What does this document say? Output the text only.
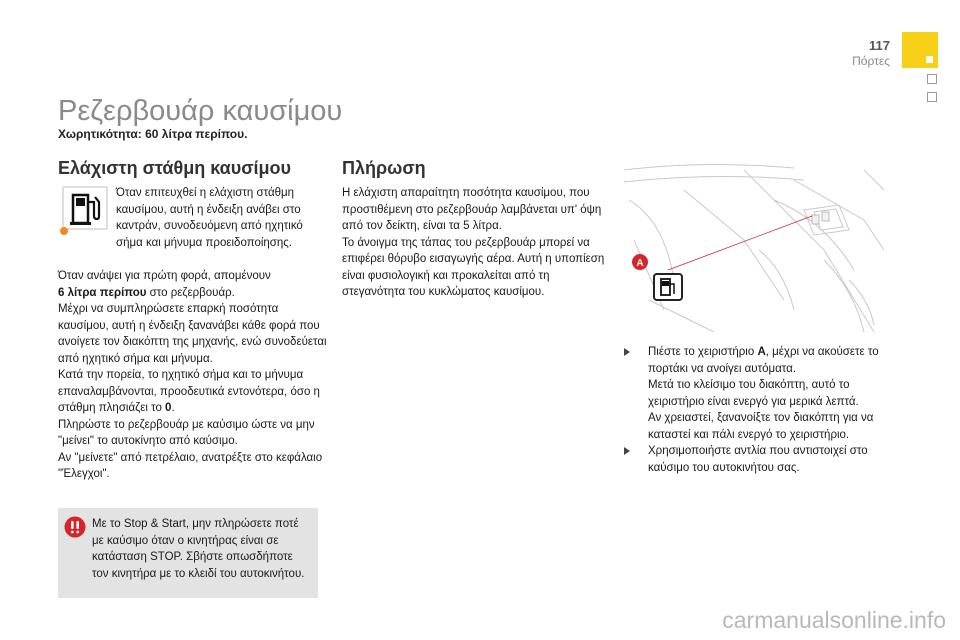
117
Πόρτες
Ρεζερβουάρ καυσίμου
Χωρητικότητα: 60 λίτρα περίπου.
Ελάχιστη στάθμη καυσίμου
Όταν επιτευχθεί η ελάχιστη στάθμη καυσίμου, αυτή η ένδειξη ανάβει στο καντράν, συνοδευόμενη από ηχητικό σήμα και μήνυμα προειδοποίησης.
Όταν ανάψει για πρώτη φορά, απομένουν
6 λίτρα περίπου στο ρεζερβουάρ.
Μέχρι να συμπληρώσετε επαρκή ποσότητα καυσίμου, αυτή η ένδειξη ξανανάβει κάθε φορά που ανοίγετε τον διακόπτη της μηχανής, ενώ συνοδεύεται από ηχητικό σήμα και μήνυμα.
Κατά την πορεία, το ηχητικό σήμα και το μήνυμα επαναλαμβάνονται, προοδευτικά εντονότερα, όσο η στάθμη πλησιάζει το 0.
Πληρώστε το ρεζερβουάρ με καύσιμο ώστε να μην "μείνει" το αυτοκίνητο από καύσιμο.
Αν "μείνετε" από πετρέλαιο, ανατρέξτε στο κεφάλαιο "Έλεγχοι".
Με το Stop & Start, μην πληρώσετε ποτέ με καύσιμο όταν ο κινητήρας είναι σε κατάσταση STOP. Σβήστε οπωσδήποτε τον κινητήρα με το κλειδί του αυτοκινήτου.
Πλήρωση
Η ελάχιστη απαραίτητη ποσότητα καυσίμου, που προστιθέμενη στο ρεζερβουάρ λαμβάνεται υπ' όψη από τον δείκτη, είναι τα 5 λίτρα.
Το άνοιγμα της τάπας του ρεζερβουάρ μπορεί να επιφέρει θόρυβο εισαγωγής αέρα. Αυτή η υποπίεση είναι φυσιολογική και προκαλείται από τη στεγανότητα του κυκλώματος καυσίμου.
A
Πιέστε το χειριστήριο A, μέχρι να ακούσετε το πορτάκι να ανοίγει αυτόματα.
Μετά τιο κλείσιμο του διακόπτη, αυτό το χειριστήριο είναι ενεργό για μερικά λεπτά.
Αν χρειαστεί, ξανανοίξτε τον διακόπτη για να καταστεί και πάλι ενεργό το χειριστήριο.
Χρησιμοποιήστε αντλία που αντιστοιχεί στο καύσιμο του αυτοκινήτου σας.
carmanualsonline.info
